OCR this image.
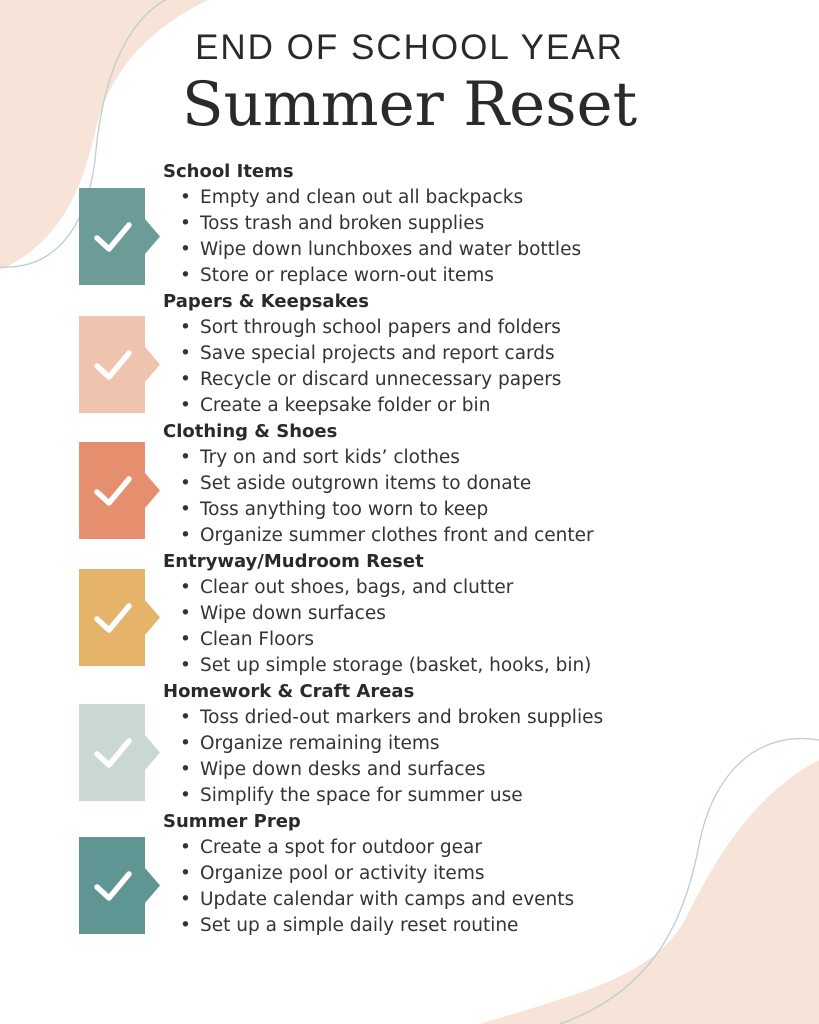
END OF SCHOOL YEAR
Summer Reset
School Items
• Empty and clean out all backpacks
• Toss trash and broken supplies
• Wipe down lunchboxes and water bottles
• Store or replace worn-out items
Papers & Keepsakes
• Sort through school papers and folders
• Save special projects and report cards
• Recycle or discard unnecessary papers
• Create a keepsake folder or bin
Clothing & Shoes
• Try on and sort kids’ clothes
• Set aside outgrown items to donate
• Toss anything too worn to keep
• Organize summer clothes front and center
Entryway/Mudroom Reset
• Clear out shoes, bags, and clutter
• Wipe down surfaces
• Clean Floors
• Set up simple storage (basket, hooks, bin)
Homework & Craft Areas
• Toss dried-out markers and broken supplies
• Organize remaining items
• Wipe down desks and surfaces
• Simplify the space for summer use
Summer Prep
• Create a spot for outdoor gear
• Organize pool or activity items
• Update calendar with camps and events
• Set up a simple daily reset routine
